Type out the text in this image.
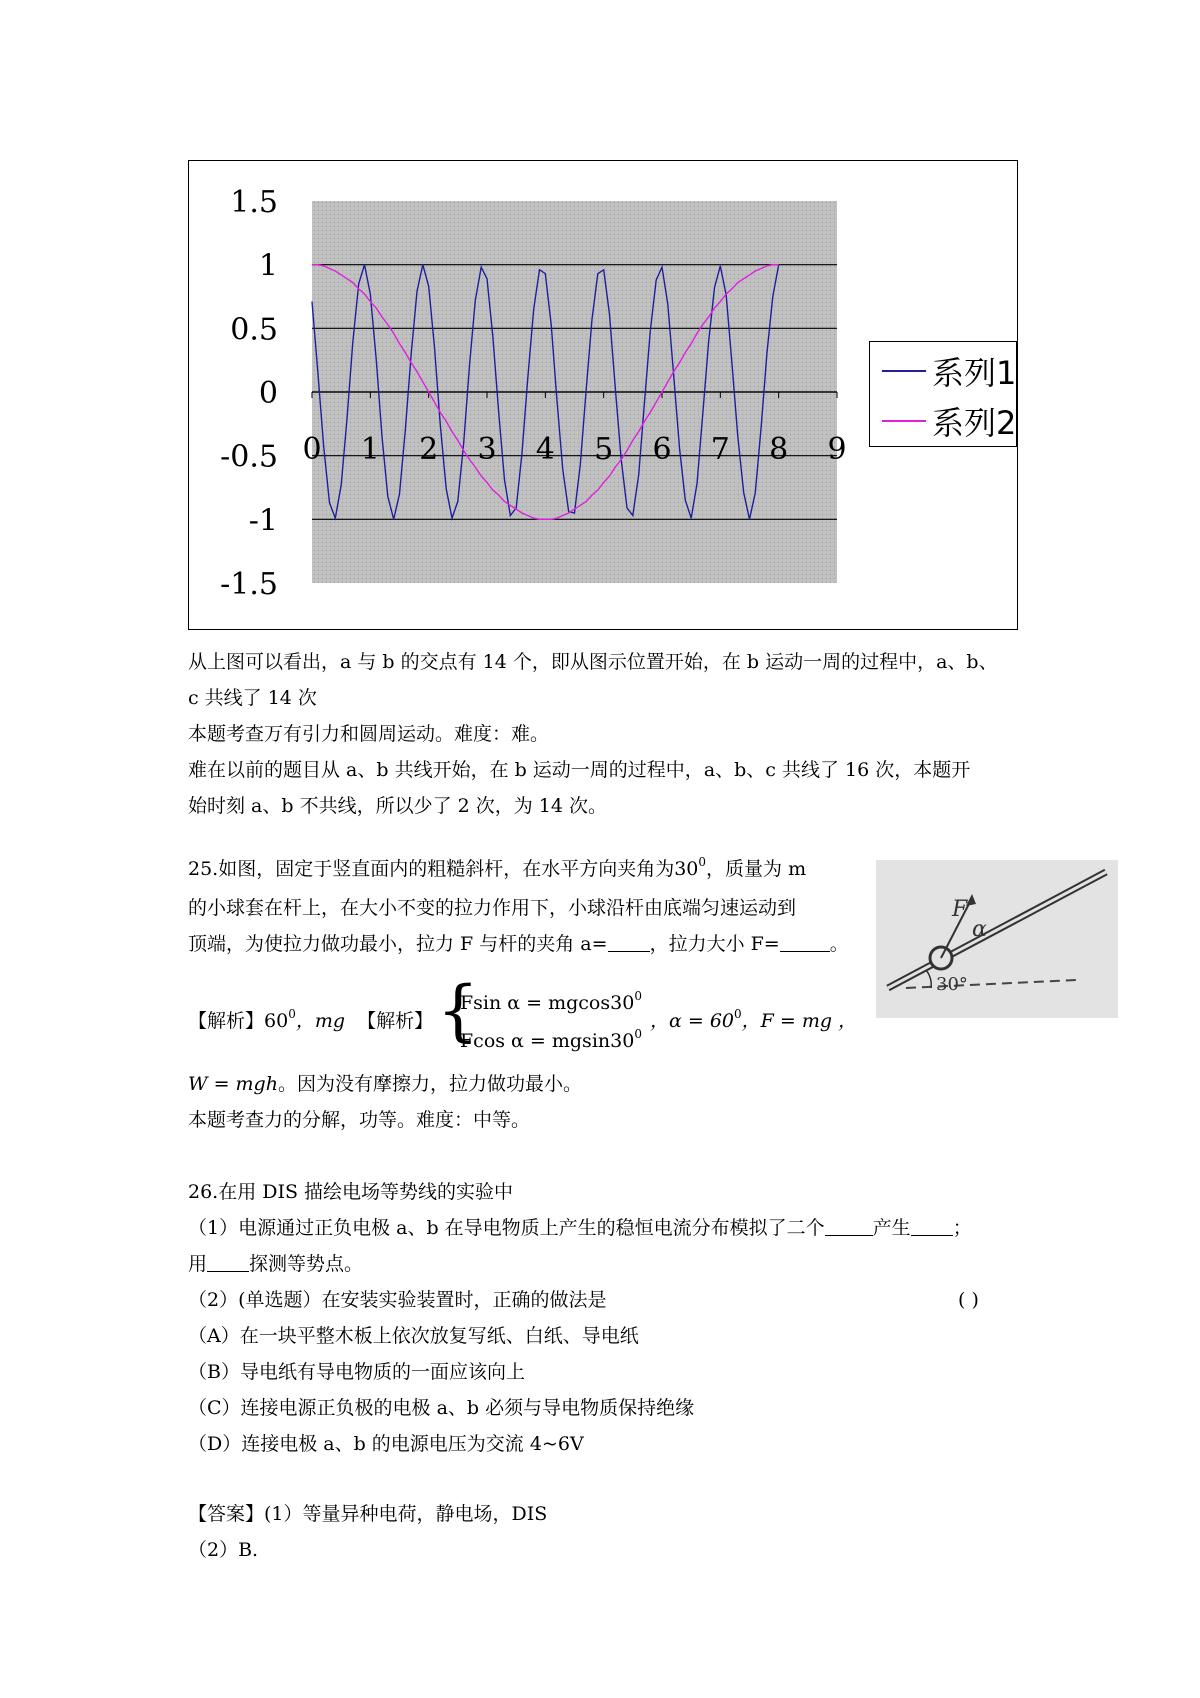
1.5
1
0.5
0
-0.5
-1
-1.5
0 1 2 3 4 5 6 7 8 9
系列1
系列2
从上图可以看出，a 与 b 的交点有 14 个，即从图示位置开始，在 b 运动一周的过程中，a、b、
c 共线了 14 次
本题考查万有引力和圆周运动。难度：难。
难在以前的题目从 a、b 共线开始，在 b 运动一周的过程中，a、b、c 共线了 16 次，本题开
始时刻 a、b 不共线，所以少了 2 次，为 14 次。
25.如图，固定于竖直面内的粗糙斜杆，在水平方向夹角为$30^0$，质量为 m
的小球套在杆上，在大小不变的拉力作用下，小球沿杆由底端匀速运动到
顶端，为使拉力做功最小，拉力 F 与杆的夹角 a= ，拉力大小 F=	。
【解析】$60^0$，mg 【解析】 {
Fsin $\alpha = mgcos30^0$
Fcos $\alpha = mgsin30^0$
，$\alpha = 60^0$，F = mg ，
W = mgh。因为没有摩擦力，拉力做功最小。
本题考查力的分解，功等。难度：中等。
F
α
30°
26.在用 DIS 描绘电场等势线的实验中
（1）电源通过正负电极 a、b 在导电物质上产生的稳恒电流分布模拟了二个	产生 ；
用 探测等势点。
（2）(单选题）在安装实验装置时，正确的做法是	( )
（A）在一块平整木板上依次放复写纸、白纸、导电纸
（B）导电纸有导电物质的一面应该向上
（C）连接电源正负极的电极 a、b 必须与导电物质保持绝缘
（D）连接电极 a、b 的电源电压为交流 4~6V
【答案】(1）等量异种电荷，静电场，DIS
（2）B.
